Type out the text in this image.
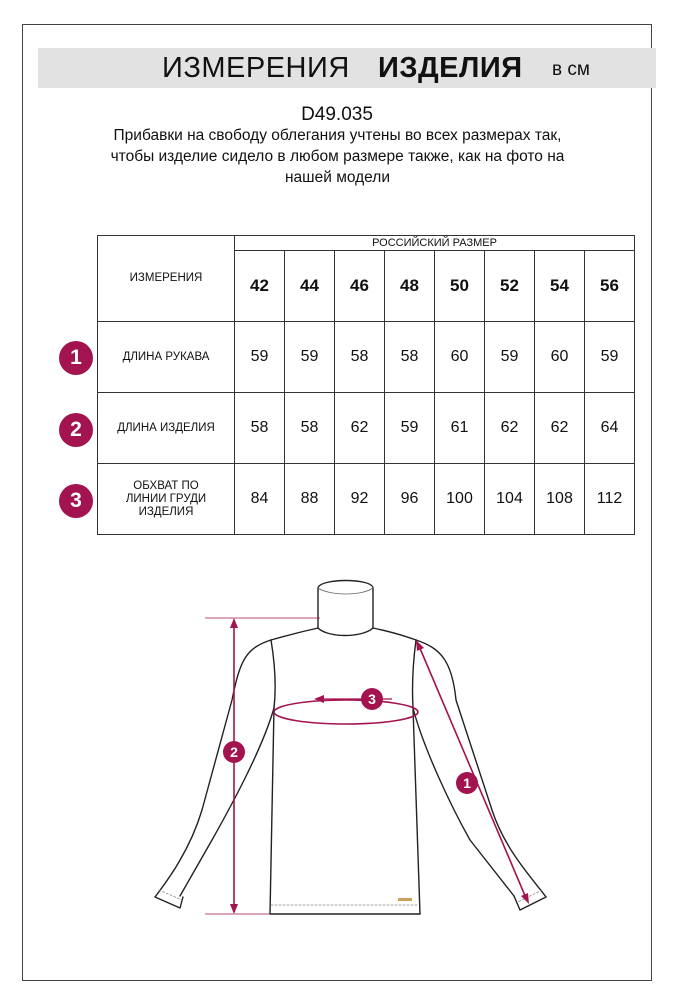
ИЗМЕРЕНИЯ ИЗДЕЛИЯ в см
D49.035
Прибавки на свободу облегания учтены во всех размерах так, чтобы изделие сидело в любом размере также, как на фото на нашей модели
ИЗМЕРЕНИЯ	РОССИЙСКИЙ РАЗМЕР							
	42	44	46	48	50	52	54	56
ДЛИНА РУКАВА	59	59	58	58	60	59	60	59
ДЛИНА ИЗДЕЛИЯ	58	58	62	59	61	62	62	64
ОБХВАТ ПО ЛИНИИ ГРУДИ ИЗДЕЛИЯ	84	88	92	96	100	104	108	112
1
2
3
1
2
3
